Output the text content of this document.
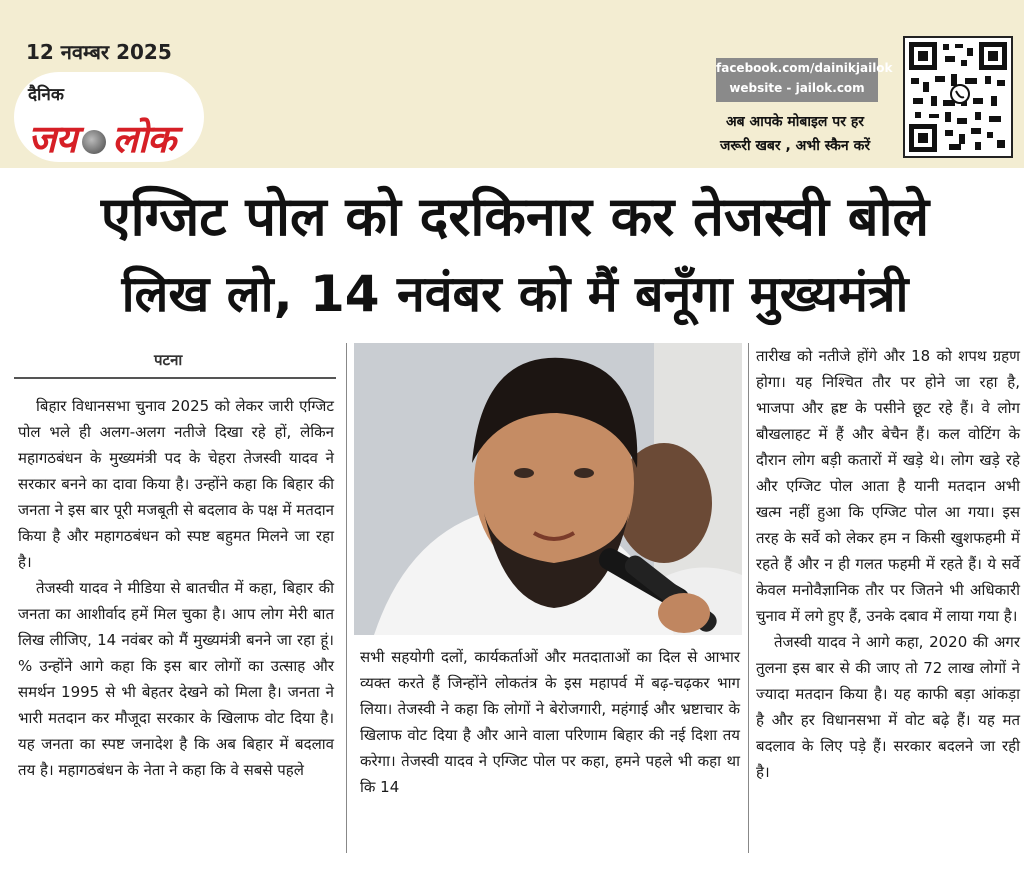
12 नवम्बर 2025
दैनिक
जय लोक
facebook.com/dainikjailok
website - jailok.com
अब आपके मोबाइल पर हर
जरूरी खबर , अभी स्कैन करें
एग्जिट पोल को दरकिनार कर तेजस्वी बोले
लिख लो, 14 नवंबर को मैं बनूँगा मुख्यमंत्री
पटना

बिहार विधानसभा चुनाव 2025 को लेकर जारी एग्जिट पोल भले ही अलग-अलग नतीजे दिखा रहे हों, लेकिन महागठबंधन के मुख्यमंत्री पद के चेहरा तेजस्वी यादव ने सरकार बनने का दावा किया है। उन्होंने कहा कि बिहार की जनता ने इस बार पूरी मजबूती से बदलाव के पक्ष में मतदान किया है और महागठबंधन को स्पष्ट बहुमत मिलने जा रहा है।

तेजस्वी यादव ने मीडिया से बातचीत में कहा, बिहार की जनता का आशीर्वाद हमें मिल चुका है। आप लोग मेरी बात लिख लीजिए, 14 नवंबर को मैं मुख्यमंत्री बनने जा रहा हूं।% उन्होंने आगे कहा कि इस बार लोगों का उत्साह और समर्थन 1995 से भी बेहतर देखने को मिला है। जनता ने भारी मतदान कर मौजूदा सरकार के खिलाफ वोट दिया है। यह जनता का स्पष्ट जनादेश है कि अब बिहार में बदलाव तय है। महागठबंधन के नेता ने कहा कि वे सबसे पहले

सभी सहयोगी दलों, कार्यकर्ताओं और मतदाताओं का दिल से आभार व्यक्त करते हैं जिन्होंने लोकतंत्र के इस महापर्व में बढ़-चढ़कर भाग लिया। तेजस्वी ने कहा कि लोगों ने बेरोजगारी, महंगाई और भ्रष्टाचार के खिलाफ वोट दिया है और आने वाला परिणाम बिहार की नई दिशा तय करेगा। तेजस्वी यादव ने एग्जिट पोल पर कहा, हमने पहले भी कहा था कि 14

तारीख को नतीजे होंगे और 18 को शपथ ग्रहण होगा। यह निश्चित तौर पर होने जा रहा है, भाजपा और ह्रष्ट के पसीने छूट रहे हैं। वे लोग बौखलाहट में हैं और बेचैन हैं। कल वोटिंग के दौरान लोग बड़ी कतारों में खड़े थे। लोग खड़े रहे और एग्जिट पोल आता है यानी मतदान अभी खत्म नहीं हुआ कि एग्जिट पोल आ गया। इस तरह के सर्वे को लेकर हम न किसी खुशफहमी में रहते हैं और न ही गलत फहमी में रहते हैं। ये सर्वे केवल मनोवैज्ञानिक तौर पर जितने भी अधिकारी चुनाव में लगे हुए हैं, उनके दबाव में लाया गया है।

तेजस्वी यादव ने आगे कहा, 2020 की अगर तुलना इस बार से की जाए तो 72 लाख लोगों ने ज्यादा मतदान किया है। यह काफी बड़ा आंकड़ा है और हर विधानसभा में वोट बढ़े हैं। यह मत बदलाव के लिए पड़े हैं। सरकार बदलने जा रही है।
